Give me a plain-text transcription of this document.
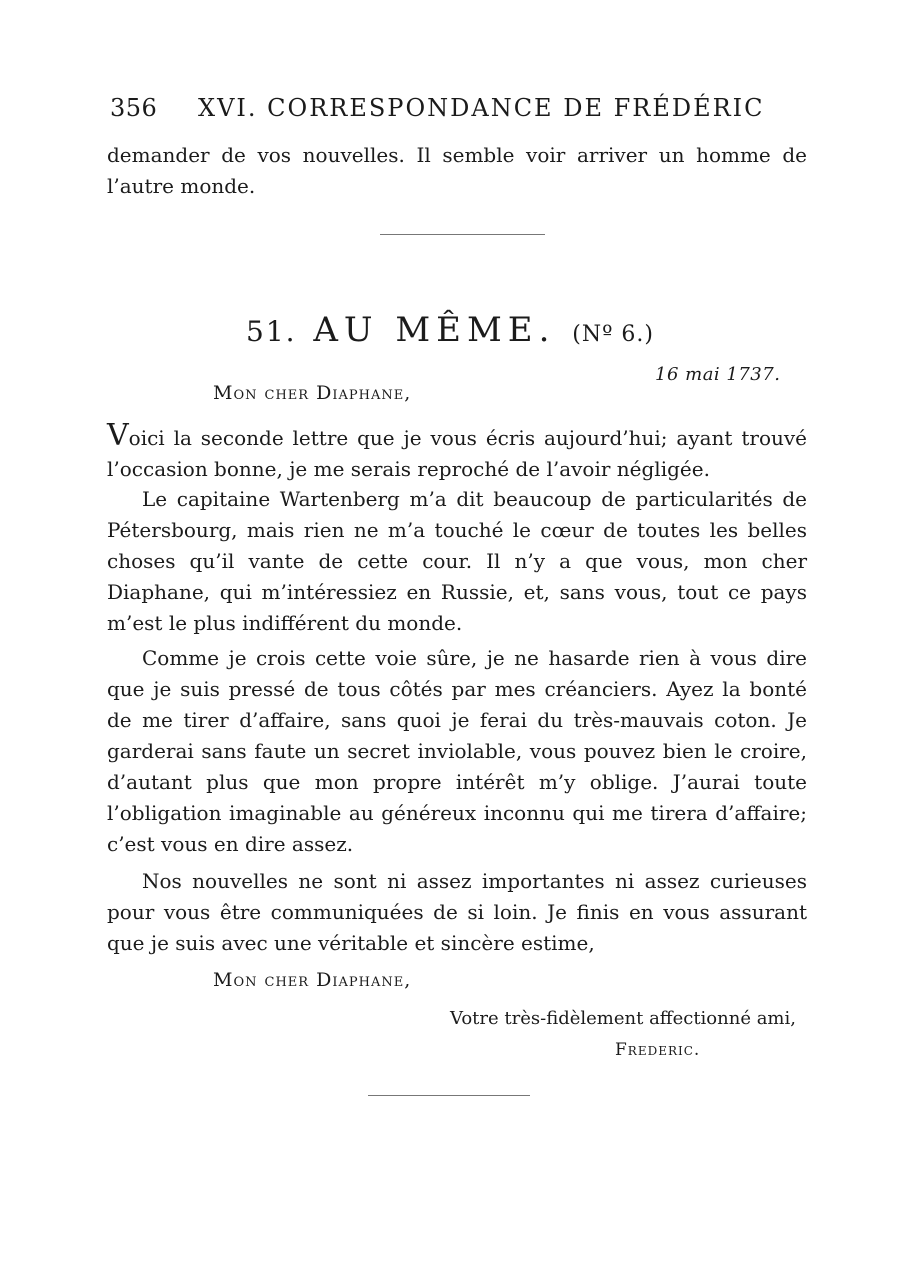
356 XVI. CORRESPONDANCE DE FRÉDÉRIC
demander de vos nouvelles. Il semble voir arriver un homme de l’autre monde.
51. AU MÊME. (Nº 6.)
16 mai 1737.
Mon cher Diaphane,
Voici la seconde lettre que je vous écris aujourd’hui; ayant trouvé l’occasion bonne, je me serais reproché de l’avoir négligée.
Le capitaine Wartenberg m’a dit beaucoup de particularités de Pétersbourg, mais rien ne m’a touché le cœur de toutes les belles choses qu’il vante de cette cour. Il n’y a que vous, mon cher Diaphane, qui m’intéressiez en Russie, et, sans vous, tout ce pays m’est le plus indifférent du monde.
Comme je crois cette voie sûre, je ne hasarde rien à vous dire que je suis pressé de tous côtés par mes créanciers. Ayez la bonté de me tirer d’affaire, sans quoi je ferai du très-mauvais coton. Je garderai sans faute un secret inviolable, vous pouvez bien le croire, d’autant plus que mon propre intérêt m’y oblige. J’aurai toute l’obligation imaginable au généreux inconnu qui me tirera d’affaire; c’est vous en dire assez.
Nos nouvelles ne sont ni assez importantes ni assez curieuses pour vous être communiquées de si loin. Je finis en vous assurant que je suis avec une véritable et sincère estime,
Mon cher Diaphane,
Votre très-fidèlement affectionné ami,
Frederic.
